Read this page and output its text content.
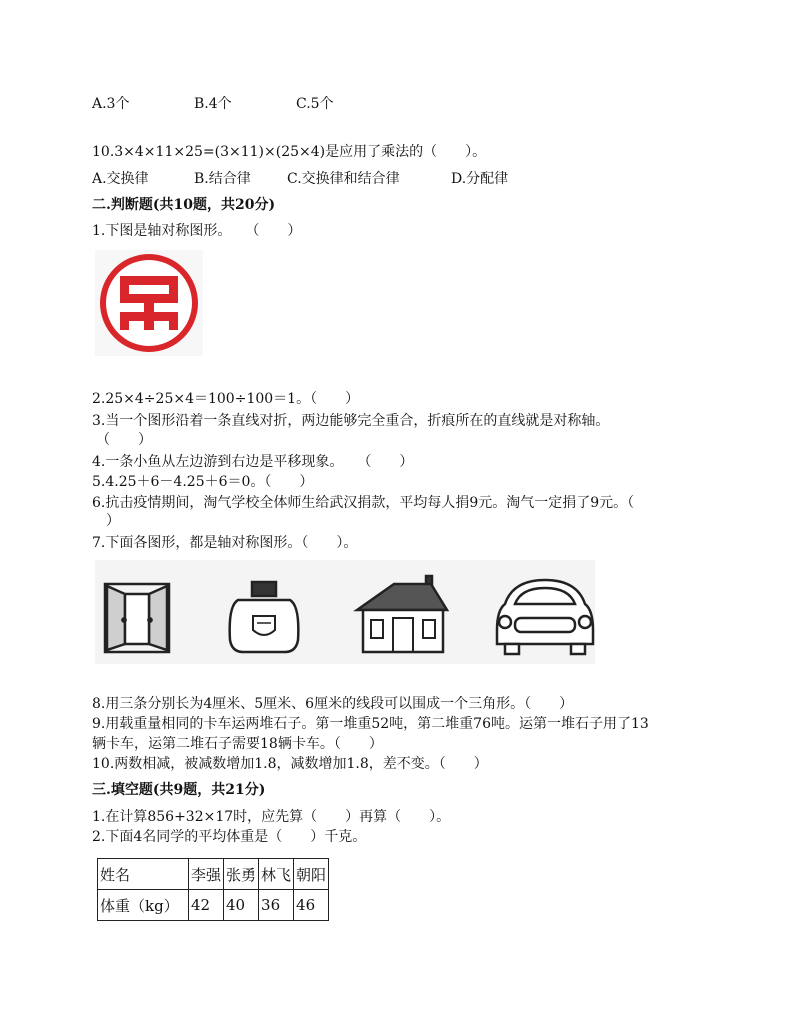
A.3个	B.4个	C.5个
10.3×4×11×25=(3×11)×(25×4)是应用了乘法的（　　）。
A.交换律	B.结合律	C.交换律和结合律	D.分配律
二.判断题(共10题，共20分)
1.下图是轴对称图形。　　（　　）
2.25×4÷25×4＝100÷100＝1。（　　）
3.当一个图形沿着一条直线对折，两边能够完全重合，折痕所在的直线就是对称轴。
（　　）
4.一条小鱼从左边游到右边是平移现象。　　（　　）
5.4.25＋6－4.25＋6＝0。（　　）
6.抗击疫情期间，淘气学校全体师生给武汉捐款，平均每人捐9元。淘气一定捐了9元。（
）
7.下面各图形，都是轴对称图形。（　　）。
8.用三条分别长为4厘米、5厘米、6厘米的线段可以围成一个三角形。（　　）
9.用载重量相同的卡车运两堆石子。第一堆重52吨，第二堆重76吨。运第一堆石子用了13
辆卡车，运第二堆石子需要18辆卡车。（　　）
10.两数相减，被减数增加1.8，减数增加1.8，差不变。（　　）
三.填空题(共9题，共21分)
1.在计算856+32×17时，应先算（　　）再算（　　）。
2.下面4名同学的平均体重是（　　）千克。
姓名	李强	张勇	林飞	朝阳
体重（kg）	42	40	36	46
